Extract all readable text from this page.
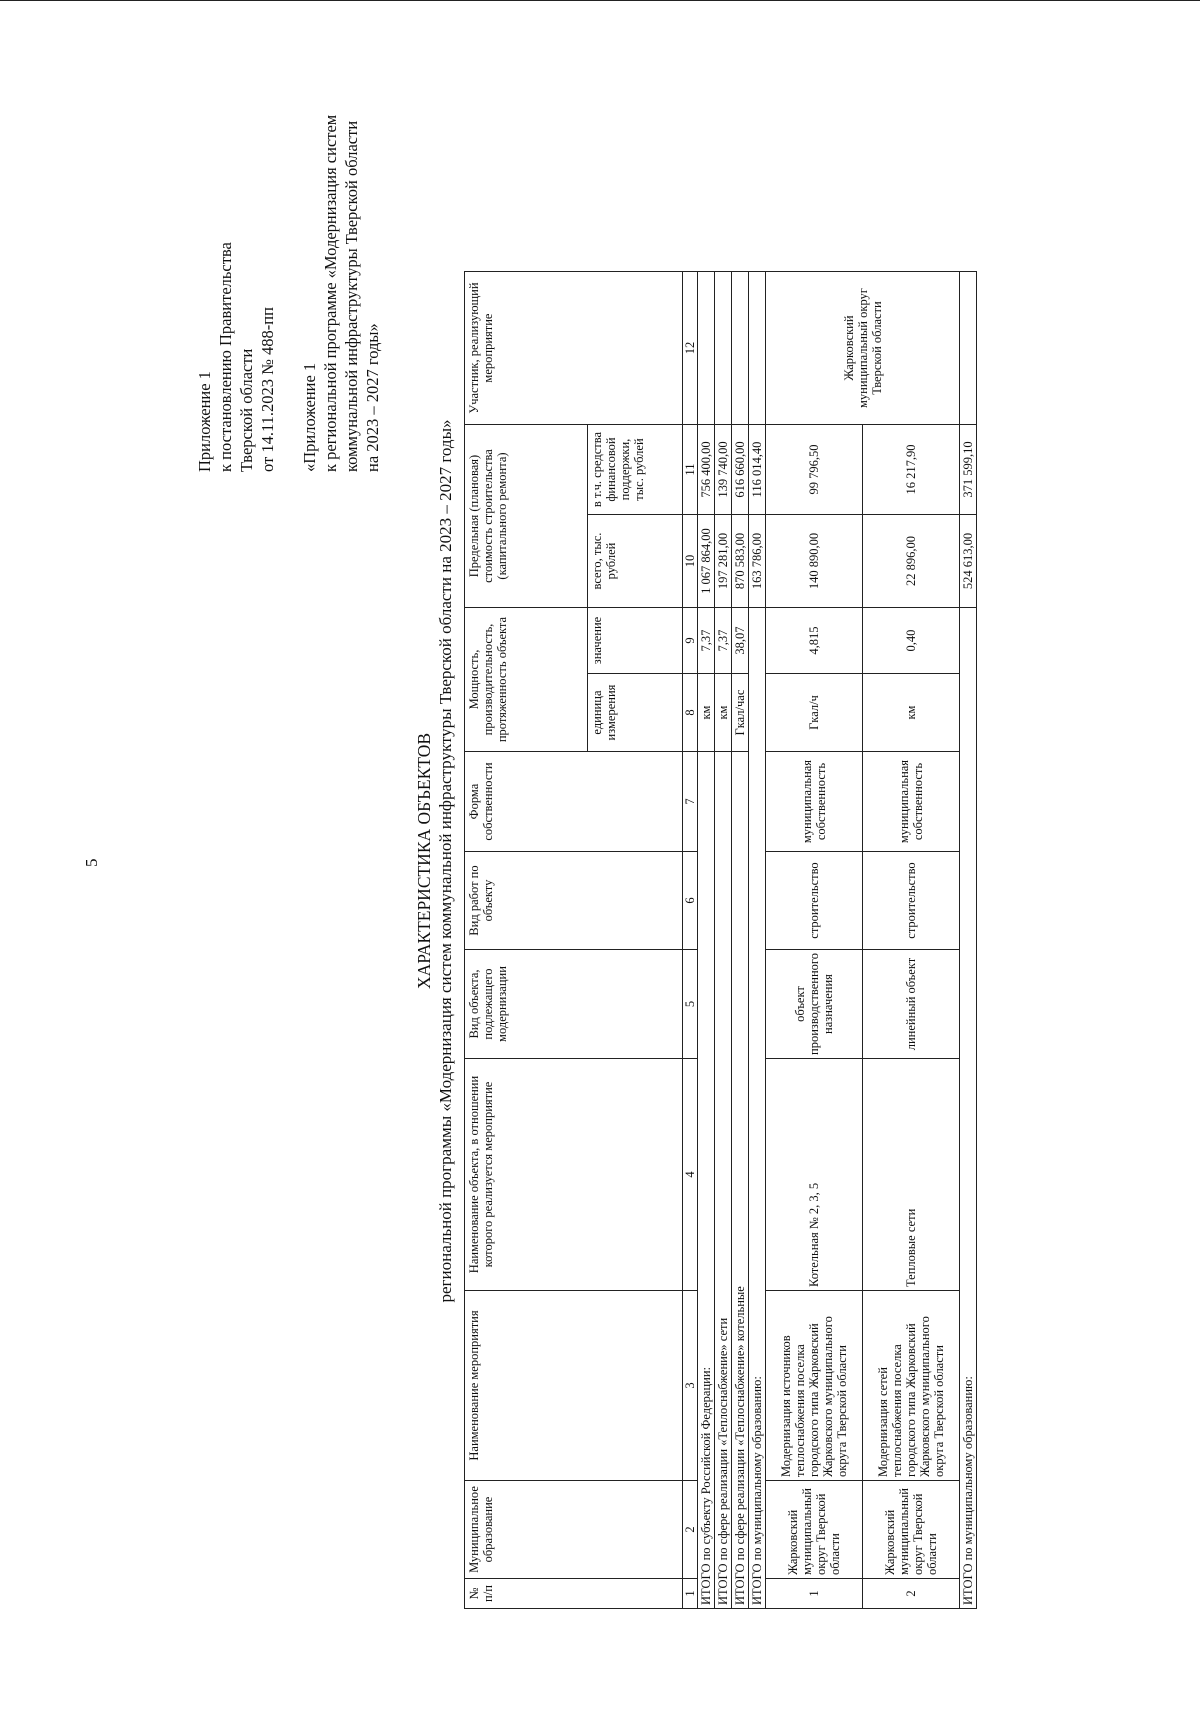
5
Приложение 1 к постановлению Правительства Тверской области от 14.11.2023 № 488-пп «Приложение 1 к региональной программе «Модернизация систем коммунальной инфраструктуры Тверской области на 2023 – 2027 годы»
ХАРАКТЕРИСТИКА ОБЪЕКТОВ региональной программы «Модернизация систем коммунальной инфраструктуры Тверской области на 2023 – 2027 годы»
№ п/п	Муниципальное образование	Наименование мероприятия	Наименование объекта, в отношении которого реализуется мероприятие	Вид объекта, подлежащего модернизации	Вид работ по объекту	Форма собственности	Мощность, производительность, протяженность объекта		Предельная (плановая) стоимость строительства (капитального ремонта)		Участник, реализующий мероприятие
							единица измерения	значение	всего, тыс. рублей	в т.ч. средства финансовой поддержки, тыс. рублей	
1	2	3	4	5	6	7	8	9	10	11	12
ИТОГО по субъекту Российской Федерации:							км	7,37	1 067 864,00	756 400,00	
ИТОГО по сфере реализации «Теплоснабжение» сети							км	7,37	197 281,00	139 740,00	
ИТОГО по сфере реализации «Теплоснабжение» котельные							Гкал/час	38,07	870 583,00	616 660,00	
ИТОГО по муниципальному образованию:									163 786,00	116 014,40	
1	Жарковский муниципальный округ Тверской области	Модернизация источников теплоснабжения поселка городского типа Жарковский Жарковского муниципального округа Тверской области	Котельная № 2, 3, 5	объект производственного назначения	строительство	муниципальная собственность	Гкал/ч	4,815	140 890,00	99 796,50	Жарковский муниципальный округ Тверской области
2	Жарковский муниципальный округ Тверской области	Модернизация сетей теплоснабжения поселка городского типа Жарковский Жарковского муниципального округа Тверской области	Тепловые сети	линейный объект	строительство	муниципальная собственность	км	0,40	22 896,00	16 217,90	
ИТОГО по муниципальному образованию:									524 613,00	371 599,10	
